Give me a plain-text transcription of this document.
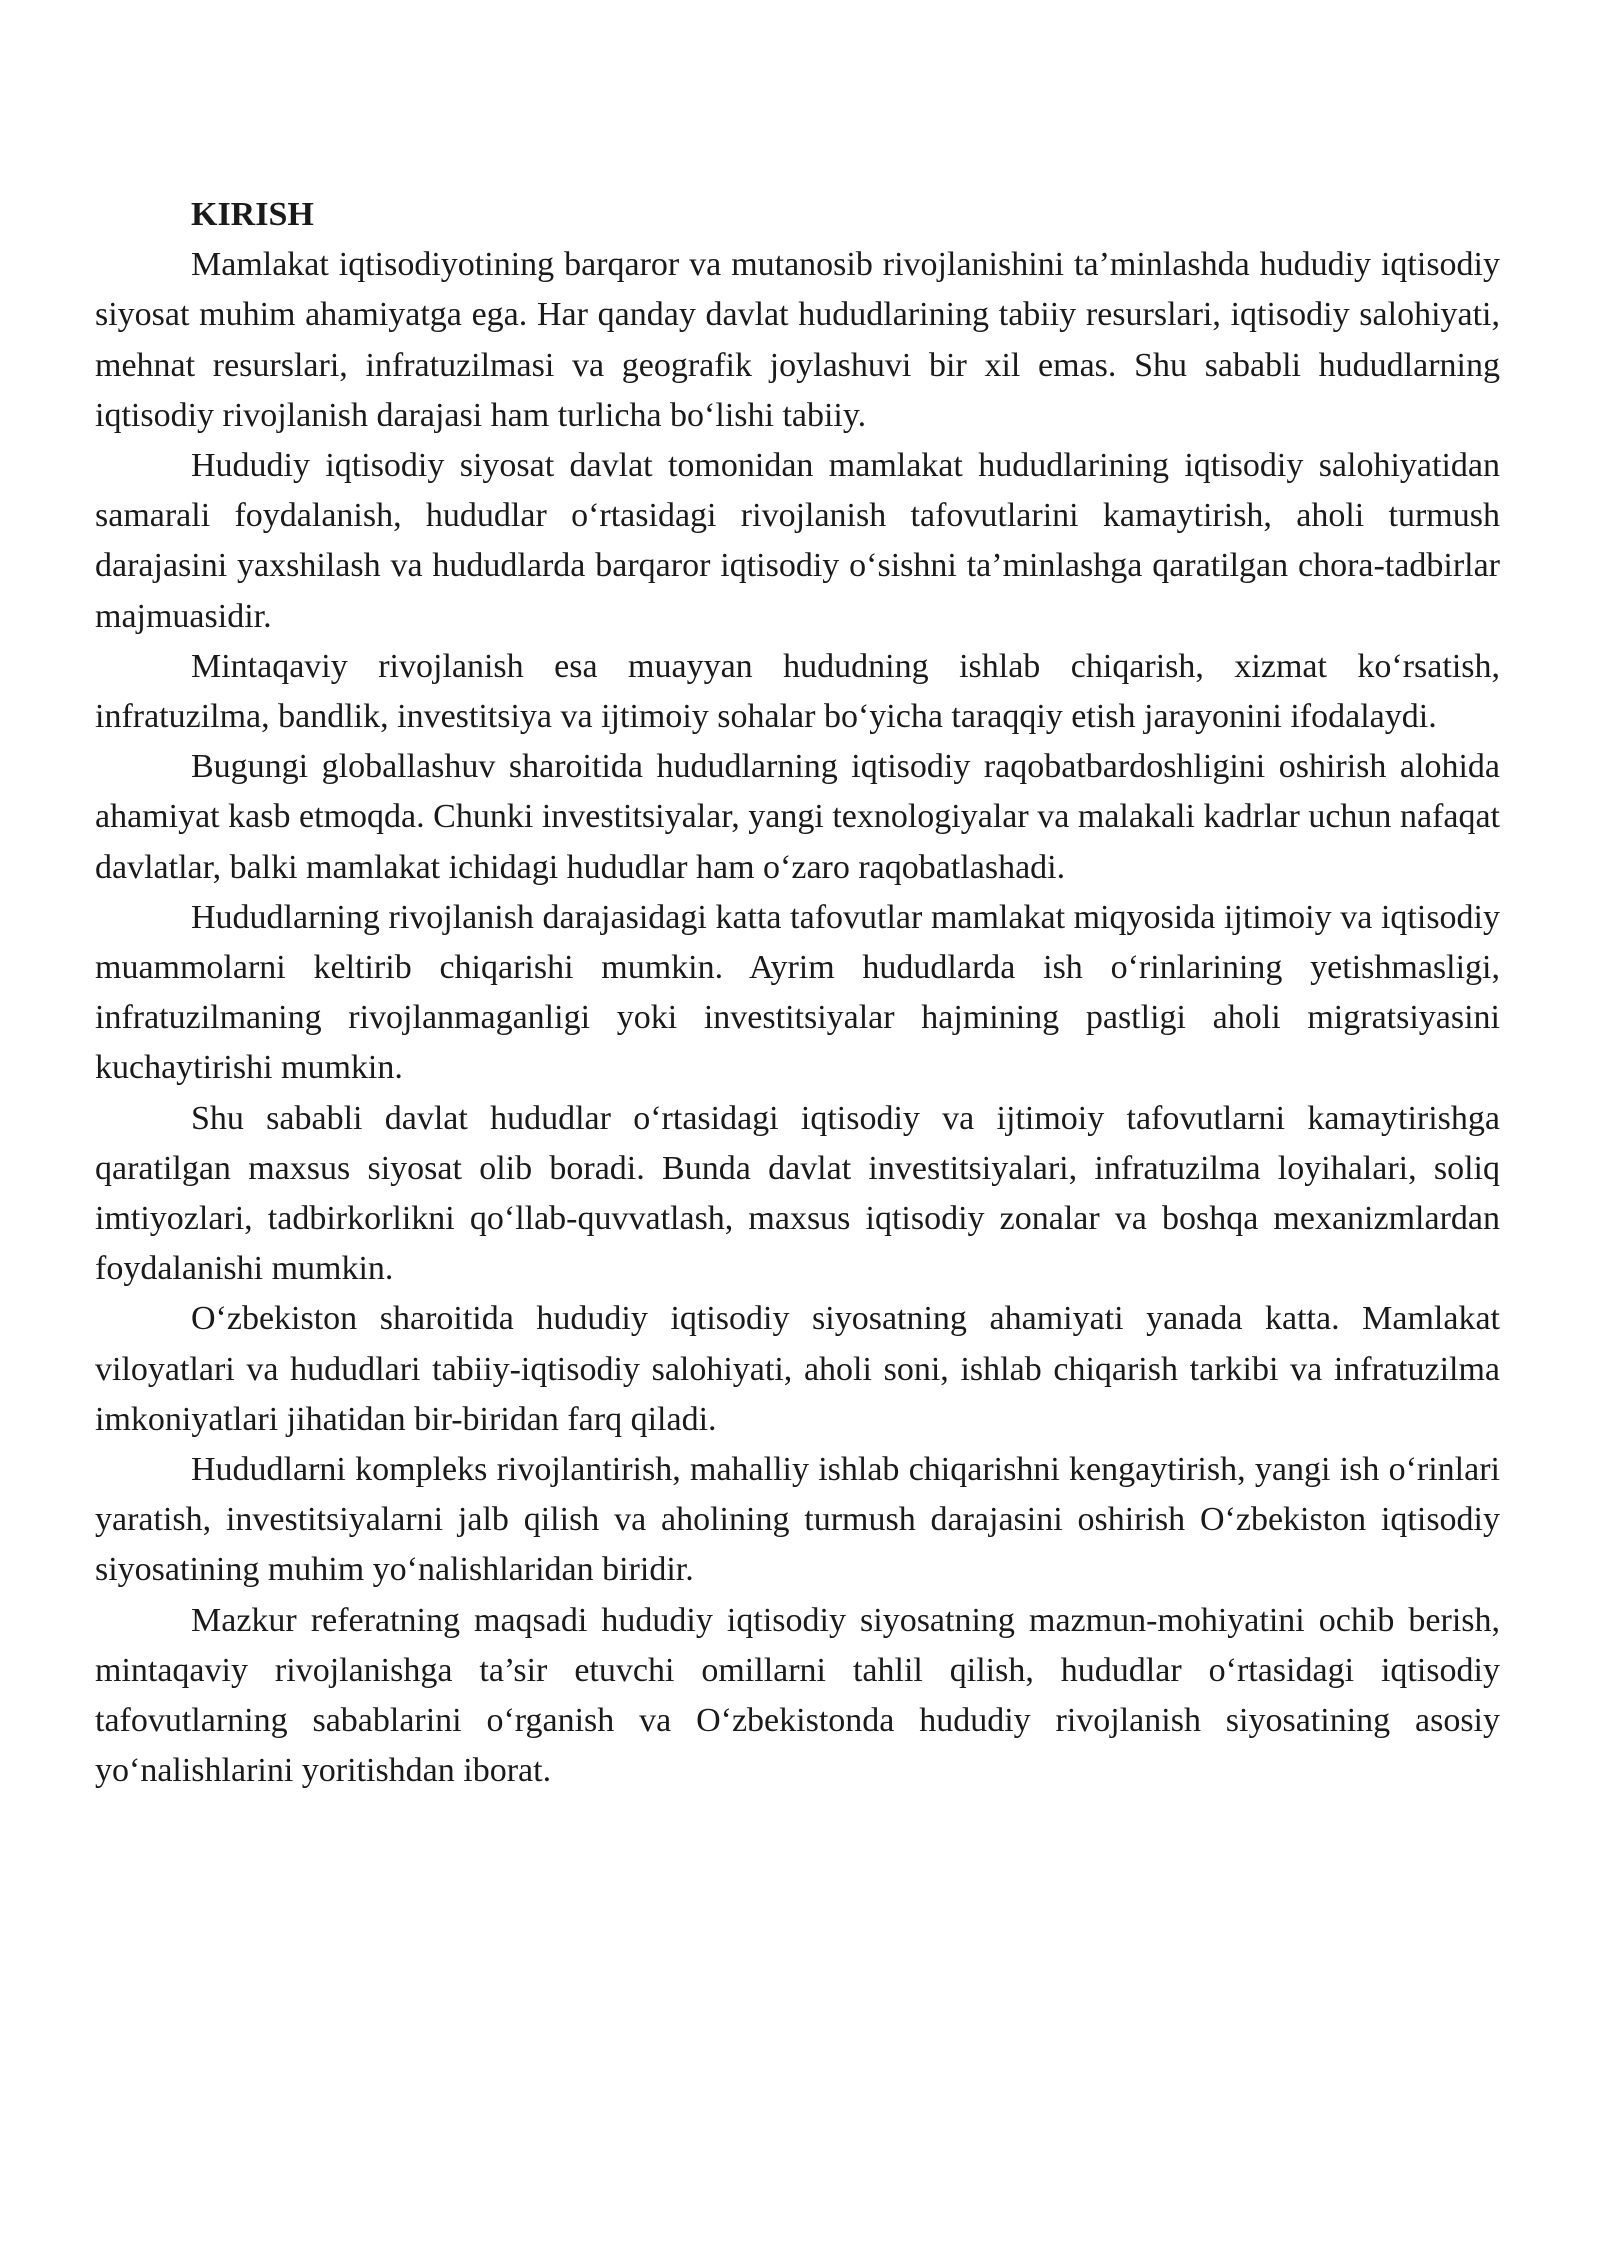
KIRISH

Mamlakat iqtisodiyotining barqaror va mutanosib rivojlanishini ta’minlashda hududiy iqtisodiy siyosat muhim ahamiyatga ega. Har qanday davlat hududlarining tabiiy resurslari, iqtisodiy salohiyati, mehnat resurslari, infratuzilmasi va geografik joylashuvi bir xil emas. Shu sababli hududlarning iqtisodiy rivojlanish darajasi ham turlicha bo‘lishi tabiiy.

Hududiy iqtisodiy siyosat davlat tomonidan mamlakat hududlarining iqtisodiy salohiyatidan samarali foydalanish, hududlar o‘rtasidagi rivojlanish tafovutlarini kamaytirish, aholi turmush darajasini yaxshilash va hududlarda barqaror iqtisodiy o‘sishni ta’minlashga qaratilgan chora-tadbirlar majmuasidir.

Mintaqaviy rivojlanish esa muayyan hududning ishlab chiqarish, xizmat ko‘rsatish, infratuzilma, bandlik, investitsiya va ijtimoiy sohalar bo‘yicha taraqqiy etish jarayonini ifodalaydi.

Bugungi globallashuv sharoitida hududlarning iqtisodiy raqobatbardoshligini oshirish alohida ahamiyat kasb etmoqda. Chunki investitsiyalar, yangi texnologiyalar va malakali kadrlar uchun nafaqat davlatlar, balki mamlakat ichidagi hududlar ham o‘zaro raqobatlashadi.

Hududlarning rivojlanish darajasidagi katta tafovutlar mamlakat miqyosida ijtimoiy va iqtisodiy muammolarni keltirib chiqarishi mumkin. Ayrim hududlarda ish o‘rinlarining yetishmasligi, infratuzilmaning rivojlanmaganligi yoki investitsiyalar hajmining pastligi aholi migratsiyasini kuchaytirishi mumkin.

Shu sababli davlat hududlar o‘rtasidagi iqtisodiy va ijtimoiy tafovutlarni kamaytirishga qaratilgan maxsus siyosat olib boradi. Bunda davlat investitsiyalari, infratuzilma loyihalari, soliq imtiyozlari, tadbirkorlikni qo‘llab-quvvatlash, maxsus iqtisodiy zonalar va boshqa mexanizmlardan foydalanishi mumkin.

O‘zbekiston sharoitida hududiy iqtisodiy siyosatning ahamiyati yanada katta. Mamlakat viloyatlari va hududlari tabiiy-iqtisodiy salohiyati, aholi soni, ishlab chiqarish tarkibi va infratuzilma imkoniyatlari jihatidan bir-biridan farq qiladi.

Hududlarni kompleks rivojlantirish, mahalliy ishlab chiqarishni kengaytirish, yangi ish o‘rinlari yaratish, investitsiyalarni jalb qilish va aholining turmush darajasini oshirish O‘zbekiston iqtisodiy siyosatining muhim yo‘nalishlaridan biridir.

Mazkur referatning maqsadi hududiy iqtisodiy siyosatning mazmun-mohiyatini ochib berish, mintaqaviy rivojlanishga ta’sir etuvchi omillarni tahlil qilish, hududlar o‘rtasidagi iqtisodiy tafovutlarning sabablarini o‘rganish va O‘zbekistonda hududiy rivojlanish siyosatining asosiy yo‘nalishlarini yoritishdan iborat.
